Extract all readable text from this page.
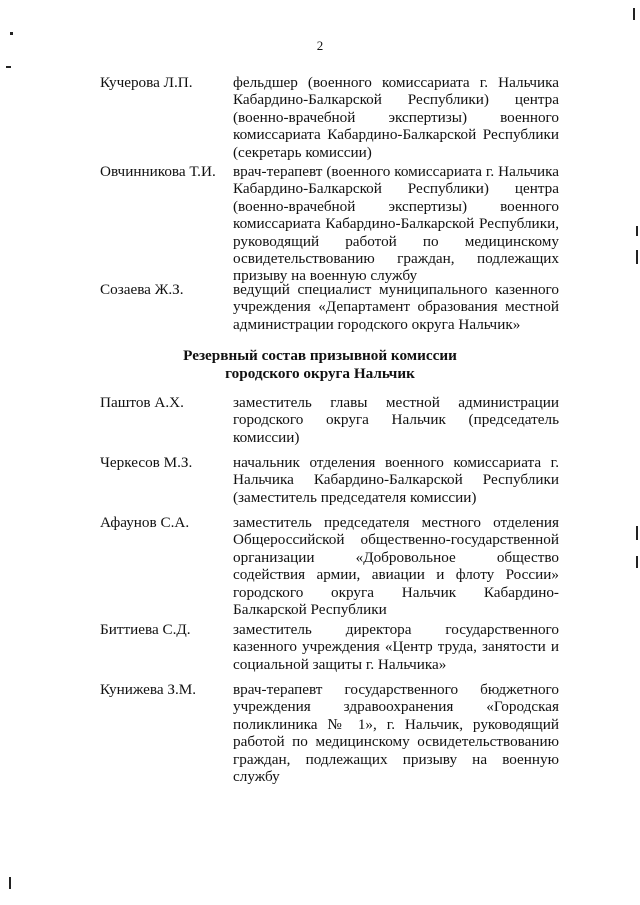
2
Кучерова Л.П.	фельдшер (военного комиссариата г. Нальчика Кабардино-Балкарской Республики) центра (военно-врачебной экспертизы) военного комиссариата Кабардино-Балкарской Республики (секретарь комиссии)
Овчинникова Т.И. врач-терапевт (военного комиссариата г. Нальчика Кабардино-Балкарской Республики) центра (военно-врачебной экспертизы) военного комиссариата Кабардино-Балкарской Республики, руководящий работой по медицинскому освидетельствованию граждан, подлежащих призыву на военную службу
Созаева Ж.З.	ведущий специалист муниципального казенного учреждения «Департамент образования местной администрации городского округа Нальчик»
Резервный состав призывной комиссии
городского округа Нальчик
Паштов А.Х.	заместитель главы местной администрации городского округа Нальчик (председатель комиссии)
Черкесов М.З.	начальник отделения военного комиссариата г. Нальчика Кабардино-Балкарской Республики (заместитель председателя комиссии)
Афаунов С.А.	заместитель председателя местного отделения Общероссийской общественно-государственной организации «Добровольное общество содействия армии, авиации и флоту России» городского округа Нальчик Кабардино-Балкарской Республики
Биттиева С.Д.	заместитель директора государственного казенного учреждения «Центр труда, занятости и социальной защиты г. Нальчика»
Кунижева З.М. врач-терапевт государственного бюджетного учреждения здравоохранения «Городская поликлиника № 1», г. Нальчик, руководящий работой по медицинскому освидетельствованию граждан, подлежащих призыву на военную службу
